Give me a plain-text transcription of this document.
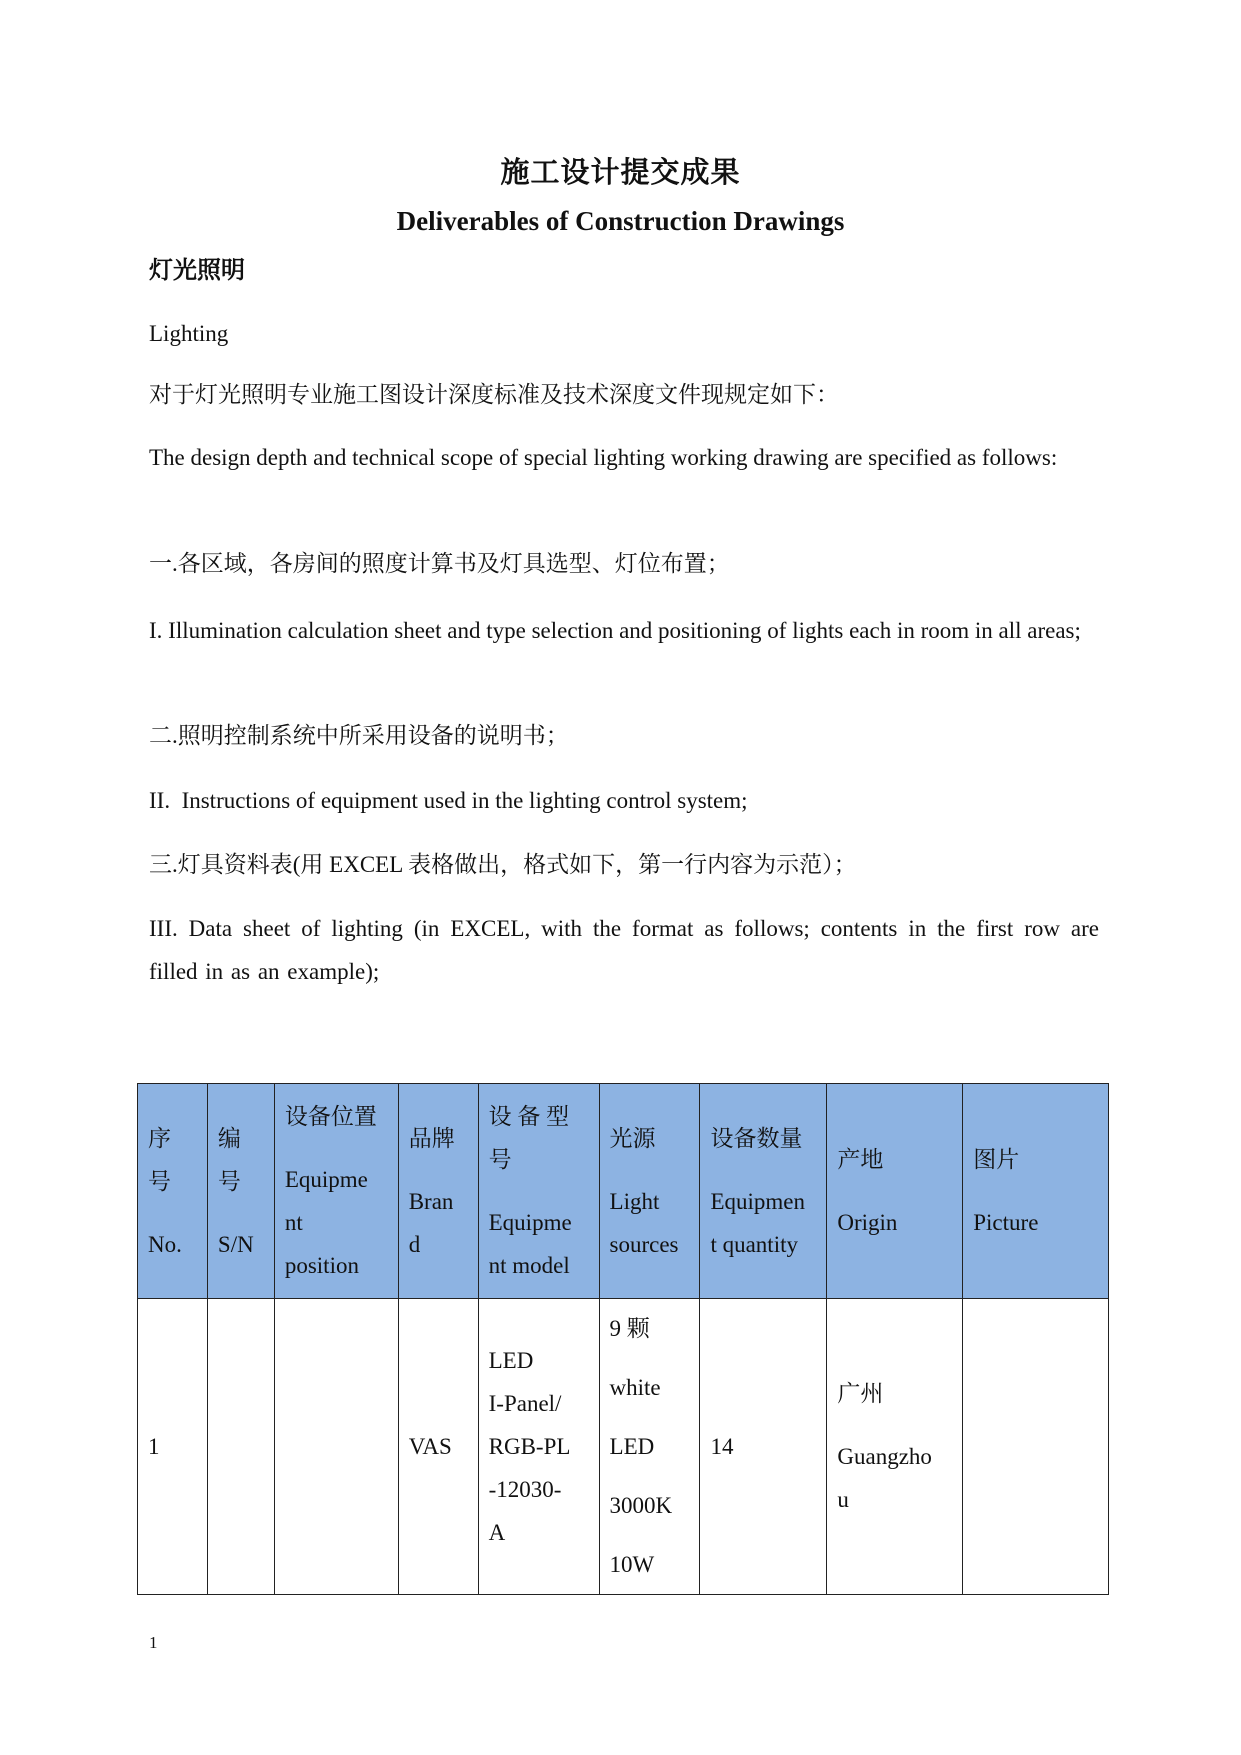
施工设计提交成果
Deliverables of Construction Drawings

灯光照明

Lighting

对于灯光照明专业施工图设计深度标准及技术深度文件现规定如下：

The design depth and technical scope of special lighting working drawing are specified as follows:

一.各区域，各房间的照度计算书及灯具选型、灯位布置；

I. Illumination calculation sheet and type selection and positioning of lights each in room in all areas;

二.照明控制系统中所采用设备的说明书；

II.  Instructions of equipment used in the lighting control system;

三.灯具资料表(用 EXCEL 表格做出，格式如下，第一行内容为示范）；

III. Data sheet of lighting (in EXCEL, with the format as follows; contents in the first row are filled in as an example);

序
号
No.	编
号
S/N	设备位置
Equipme
nt
position	品牌
Bran
d	设 备 型
号
Equipme
nt model	光源
Light
sources	设备数量
Equipmen
t quantity	产地
Origin	图片
Picture

1			VAS	LED
I-Panel/
RGB-PL
-12030-
A	9 颗
white
LED
3000K
10W	14	广州
Guangzho
u	

1
